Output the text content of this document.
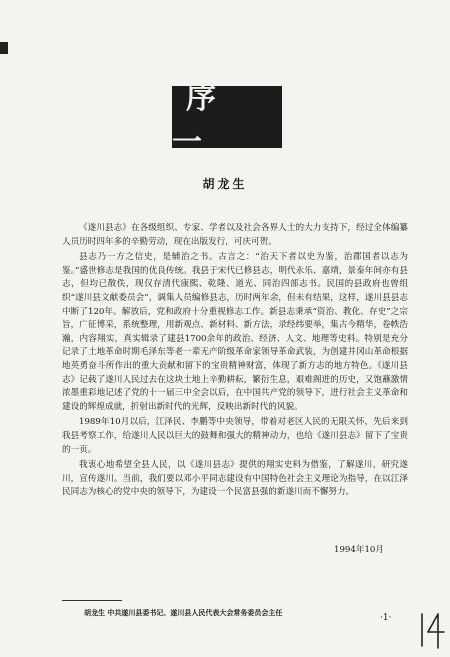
序 一
胡龙生

《遂川县志》在各级组织、专家、学者以及社会各界人士的大力支持下，经过全体编纂人员历时四年多的辛勤劳动，现在出版发行，可庆可贺。

县志乃一方之信史，是辅治之书。古言之：“治天下者以史为鉴，治郡国者以志为鉴。”盛世修志是我国的优良传统。我县于宋代已修县志，明代永乐、嘉靖，景泰年间亦有县志，但均已散佚，现仅存清代康熙、乾隆、道光、同治四部志书。民国的县政府也曾组织“遂川县文献委员会”，调集人员编修县志，历时两年余，但未有结果，这样，遂川县县志中断了120年。解放后，党和政府十分重视修志工作。新县志秉承“资治、教化、存史”之宗旨，广征博采，系统整理，用新观点、新材料、新方法，录经纬要举，集古今精华，卷帙浩瀚，内容翔实，真实辑录了建县1700余年的政治、经济、人文、地理等史料。特别是充分记录了土地革命时期毛泽东等老一辈无产阶级革命家领导革命武装，为创建井冈山革命根据地英勇奋斗所作出的重大贡献和留下的宝贵精神财富，体现了新方志的地方特色。《遂川县志》记载了遂川人民过去在这块土地上辛勤耕耘，繁衍生息，艰难阁进的历史，又饱蘸激情浓墨重彩地记述了党的十一届三中全会以后，在中国共产党的领导下，进行社会主义革命和建设的辉煌成就，折射出新时代的光辉，反映出新时代的风貌。

1989年10月以后，江泽民、李鹏等中央领导，带着对老区人民的无限关怀，先后来到我县考察工作，给遂川人民以巨大的鼓舞和强大的精神动力，也给《遂川县志》留下了宝贵的一页。

我衷心地希望全县人民，以《遂川县志》提供的翔实史料为借鉴，了解遂川，研究遂川，宣传遂川。当前，我们要以邓小平同志建设有中国特色社会主义理论为指导，在以江泽民同志为核心的党中央的领导下，为建设一个民富县强的新遂川而不懈努力。

1994年10月
胡龙生 中共遂川县委书记、遂川县人民代表大会常务委员会主任	·1·
